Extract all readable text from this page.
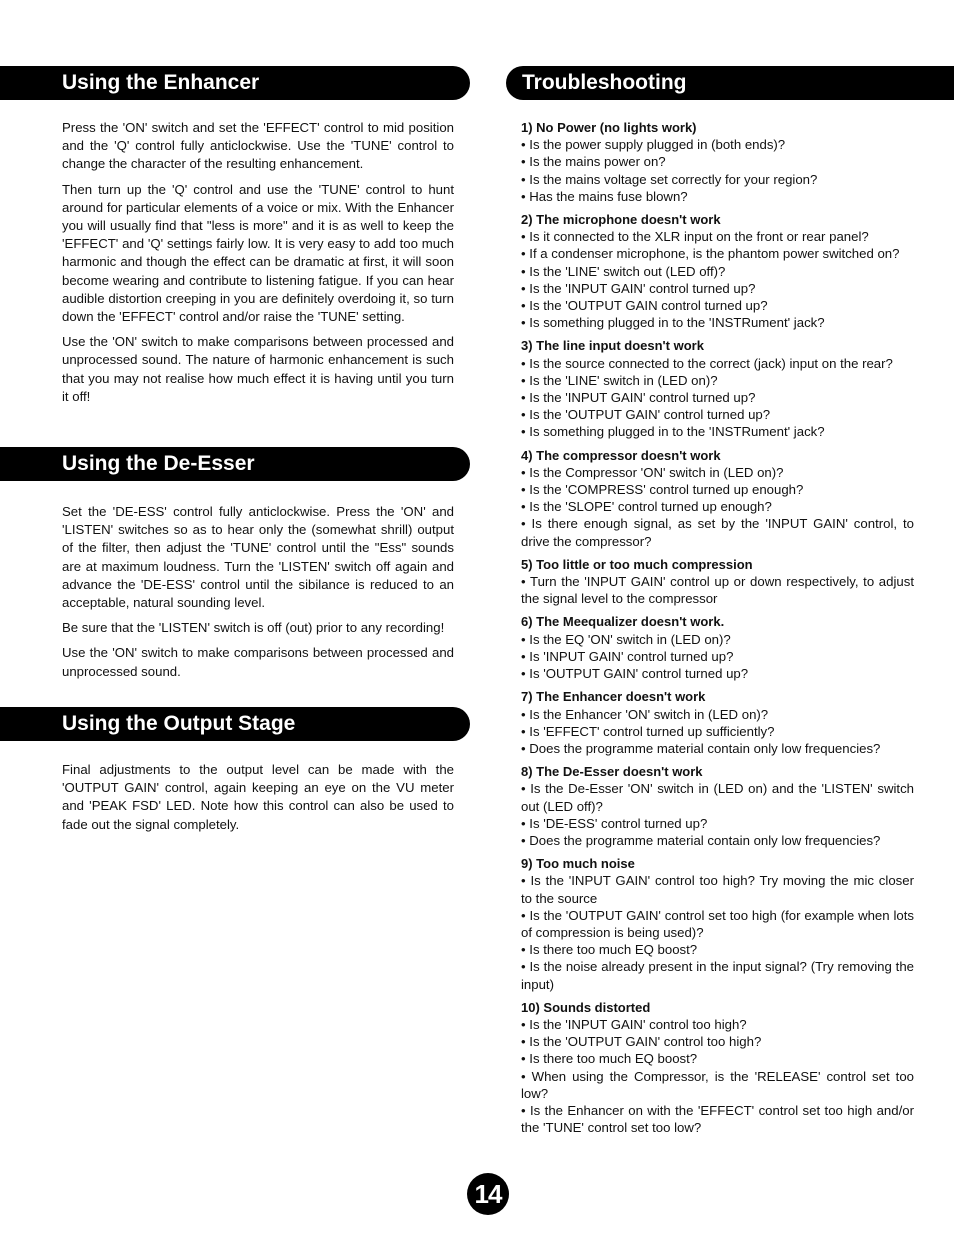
Using the Enhancer

Press the 'ON' switch and set the 'EFFECT' control to mid position and the 'Q' control fully anticlockwise. Use the 'TUNE' control to change the character of the resulting enhancement.

Then turn up the 'Q' control and use the 'TUNE' control to hunt around for particular elements of a voice or mix. With the Enhancer you will usually find that "less is more" and it is as well to keep the 'EFFECT' and 'Q' settings fairly low. It is very easy to add too much harmonic and though the effect can be dramatic at first, it will soon become wearing and contribute to listening fatigue. If you can hear audible distortion creeping in you are definitely overdoing it, so turn down the 'EFFECT' control and/or raise the 'TUNE' setting.

Use the 'ON' switch to make comparisons between processed and unprocessed sound. The nature of harmonic enhancement is such that you may not realise how much effect it is having until you turn it off!

Using the De-Esser

Set the 'DE-ESS' control fully anticlockwise. Press the 'ON' and 'LISTEN' switches so as to hear only the (somewhat shrill) output of the filter, then adjust the 'TUNE' control until the "Ess" sounds are at maximum loudness. Turn the 'LISTEN' switch off again and advance the 'DE-ESS' control until the sibilance is reduced to an acceptable, natural sounding level.

Be sure that the 'LISTEN' switch is off (out) prior to any recording!

Use the 'ON' switch to make comparisons between processed and unprocessed sound.

Using the Output Stage

Final adjustments to the output level can be made with the 'OUTPUT GAIN' control, again keeping an eye on the VU meter and 'PEAK FSD' LED. Note how this control can also be used to fade out the signal completely.

Troubleshooting
1) No Power (no lights work)
• Is the power supply plugged in (both ends)?
• Is the mains power on?
• Is the mains voltage set correctly for your region?
• Has the mains fuse blown?
2) The microphone doesn't work
• Is it connected to the XLR input on the front or rear panel?
• If a condenser microphone, is the phantom power switched on?
• Is the 'LINE' switch out (LED off)?
• Is the 'INPUT GAIN' control turned up?
• Is the 'OUTPUT GAIN control turned up?
• Is something plugged in to the 'INSTRument' jack?
3) The line input doesn't work
• Is the source connected to the correct (jack) input on the rear?
• Is the 'LINE' switch in (LED on)?
• Is the 'INPUT GAIN' control turned up?
• Is the 'OUTPUT GAIN' control turned up?
• Is something plugged in to the 'INSTRument' jack?
4) The compressor doesn't work
• Is the Compressor 'ON' switch in (LED on)?
• Is the 'COMPRESS' control turned up enough?
• Is the 'SLOPE' control turned up enough?
• Is there enough signal, as set by the 'INPUT GAIN' control, to drive the compressor?
5) Too little or too much compression
• Turn the 'INPUT GAIN' control up or down respectively, to adjust the signal level to the compressor
6) The Meequalizer doesn't work.
• Is the EQ 'ON' switch in (LED on)?
• Is 'INPUT GAIN' control turned up?
• Is 'OUTPUT GAIN' control turned up?
7) The Enhancer doesn't work
• Is the Enhancer 'ON' switch in (LED on)?
• Is 'EFFECT' control turned up sufficiently?
• Does the programme material contain only low frequencies?
8) The De-Esser doesn't work
• Is the De-Esser 'ON' switch in (LED on) and the 'LISTEN' switch out (LED off)?
• Is 'DE-ESS' control turned up?
• Does the programme material contain only low frequencies?
9) Too much noise
• Is the 'INPUT GAIN' control too high? Try moving the mic closer to the source
• Is the 'OUTPUT GAIN' control set too high (for example when lots of compression is being used)?
• Is there too much EQ boost?
• Is the noise already present in the input signal? (Try removing the input)
10) Sounds distorted
• Is the 'INPUT GAIN' control too high?
• Is the 'OUTPUT GAIN' control too high?
• Is there too much EQ boost?
• When using the Compressor, is the 'RELEASE' control set too low?
• Is the Enhancer on with the 'EFFECT' control set too high and/or the 'TUNE' control set too low?
14
